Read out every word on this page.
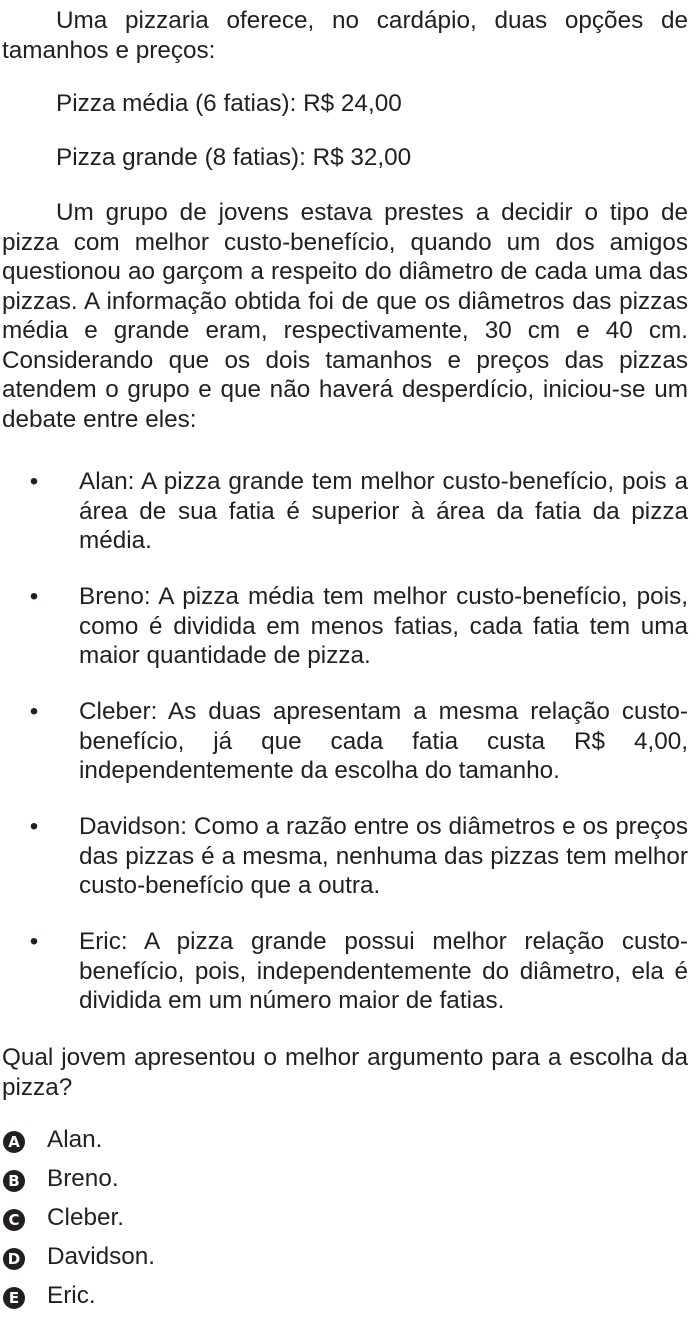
Uma pizzaria oferece, no cardápio, duas opções de tamanhos e preços:

Pizza média (6 fatias): R$ 24,00

Pizza grande (8 fatias): R$ 32,00

Um grupo de jovens estava prestes a decidir o tipo de pizza com melhor custo-benefício, quando um dos amigos questionou ao garçom a respeito do diâmetro de cada uma das pizzas. A informação obtida foi de que os diâmetros das pizzas média e grande eram, respectivamente, 30 cm e 40 cm. Considerando que os dois tamanhos e preços das pizzas atendem o grupo e que não haverá desperdício, iniciou-se um debate entre eles:

• Alan: A pizza grande tem melhor custo-benefício, pois a área de sua fatia é superior à área da fatia da pizza média.

• Breno: A pizza média tem melhor custo-benefício, pois, como é dividida em menos fatias, cada fatia tem uma maior quantidade de pizza.

• Cleber: As duas apresentam a mesma relação custo-benefício, já que cada fatia custa R$ 4,00, independentemente da escolha do tamanho.

• Davidson: Como a razão entre os diâmetros e os preços das pizzas é a mesma, nenhuma das pizzas tem melhor custo-benefício que a outra.

• Eric: A pizza grande possui melhor relação custo-benefício, pois, independentemente do diâmetro, ela é dividida em um número maior de fatias.

Qual jovem apresentou o melhor argumento para a escolha da pizza?

A Alan.
B Breno.
C Cleber.
D Davidson.
E Eric.
